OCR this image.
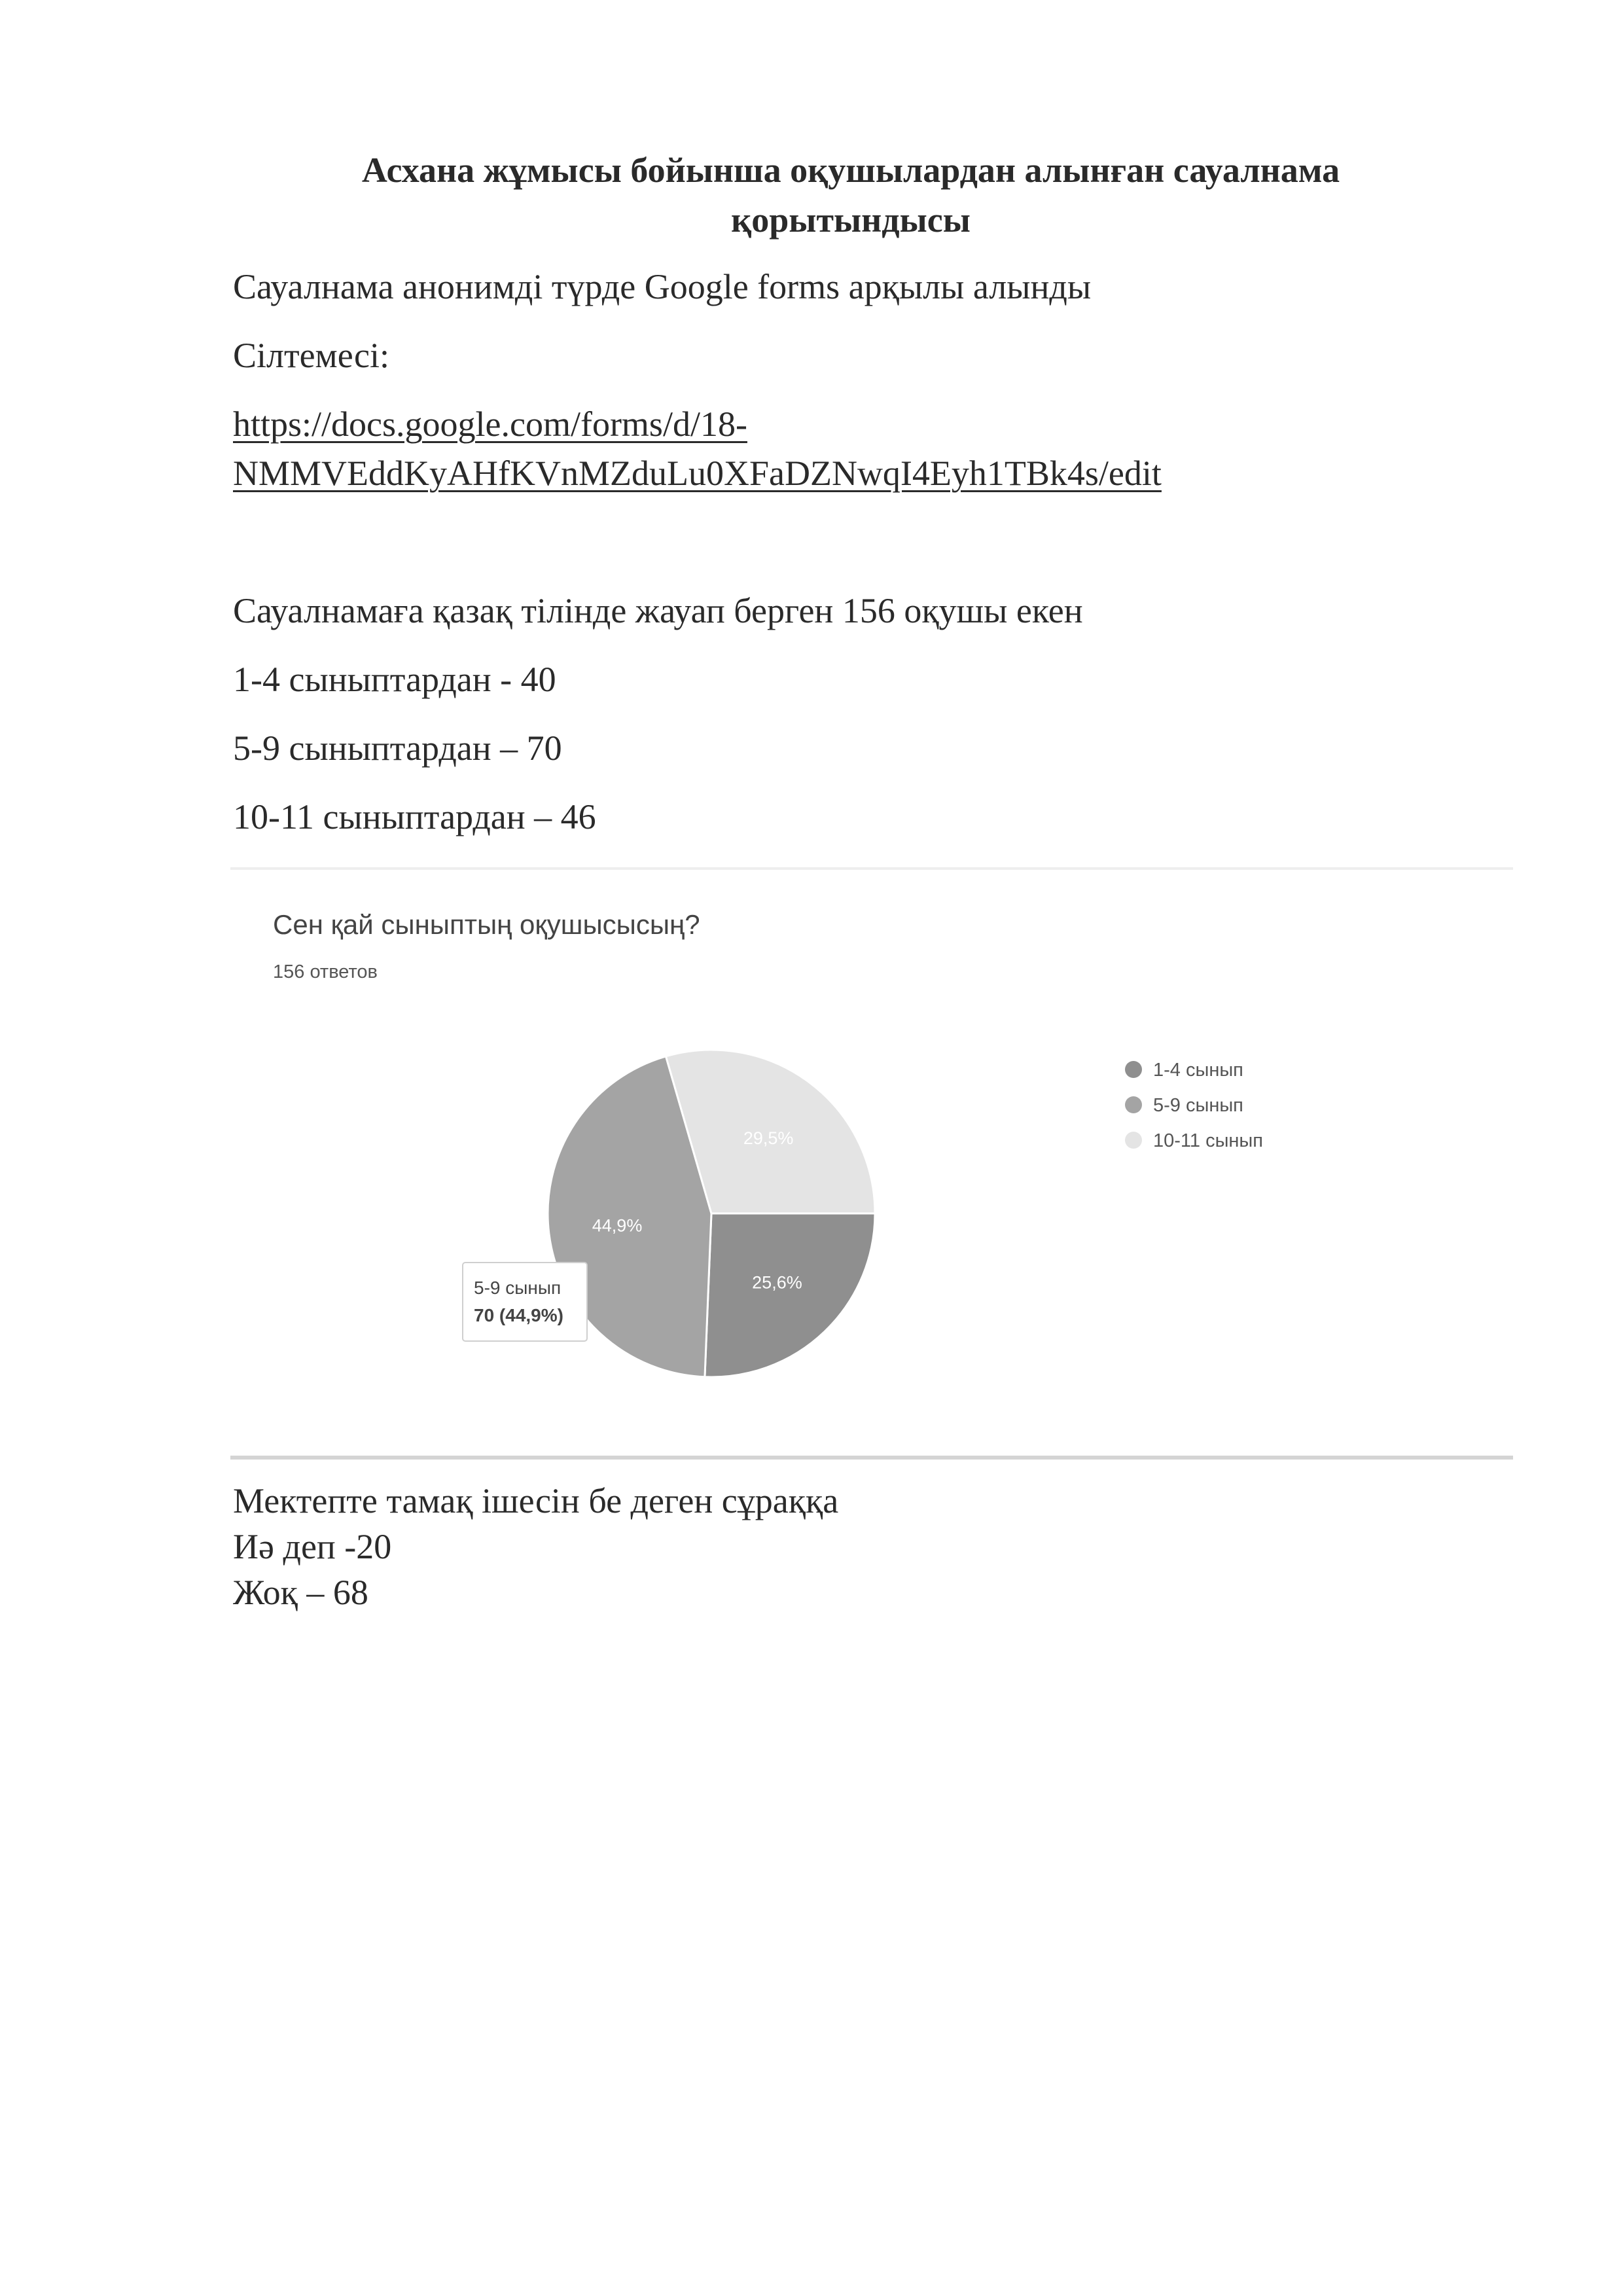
Асхана жұмысы бойынша оқушылардан алынған сауалнама
қорытындысы
Сауалнама анонимді түрде Google forms арқылы алынды
Сілтемесі:
https://docs.google.com/forms/d/18-
NMMVEddKyAHfKVnMZduLu0XFaDZNwqI4Eyh1TBk4s/edit
Сауалнамаға қазақ тілінде жауап берген 156 оқушы екен
1-4 сыныптардан - 40
5-9 сыныптардан – 70
10-11 сыныптардан – 46
Сен қай сыныптың оқушысысың?
156 ответов
25,6%
44,9%
29,5%
1-4 сынып
5-9 сынып
10-11 сынып
5-9 сынып
70 (44,9%)
Мектепте тамақ ішесін бе деген сұраққа
Иә деп -20
Жоқ – 68
